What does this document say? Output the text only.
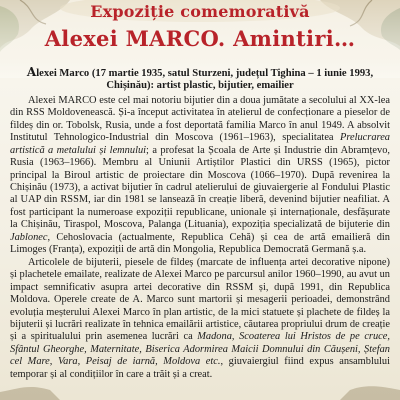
Expoziție comemorativă
Alexei MARCO. Amintiri…
Alexei Marco (17 martie 1935, satul Sturzeni, județul Tighina – 1 iunie 1993, Chișinău): artist plastic, bijutier, emailier

Alexei MARCO este cel mai notoriu bijutier din a doua jumătate a secolului al XX-lea din RSS Moldovenească. Și-a început activitatea în atelierul de confecționare a pieselor de fildeș din or. Tobolsk, Rusia, unde a fost deportată familia Marco în anul 1949. A absolvit Institutul Tehnologico-Industrial din Moscova (1961–1963), specialitatea Prelucrarea artistică a metalului și lemnului; a profesat la Școala de Arte și Industrie din Abramțevo, Rusia (1963–1966). Membru al Uniunii Artiștilor Plastici din URSS (1965), pictor principal la Biroul artistic de proiectare din Moscova (1066–1970). După revenirea la Chișinău (1973), a activat bijutier în cadrul atelierului de giuvaiergerie al Fondului Plastic al UAP din RSSM, iar din 1981 se lansează în creație liberă, devenind bijutier neafiliat. A fost participant la numeroase expoziții republicane, unionale și internaționale, desfășurate la Chișinău, Tiraspol, Moscova, Palanga (Lituania), expoziția specializată de bijuterie din Jablonec, Cehoslovacia (actualmente, Republica Cehă) și cea de artă emailieră din Limoges (Franța), expoziții de artă din Mongolia, Republica Democrată Germană ș.a.

Articolele de bijuterii, piesele de fildeș (marcate de influența artei decorative nipone) și plachetele emailate, realizate de Alexei Marco pe parcursul anilor 1960–1990, au avut un impact semnificativ asupra artei decorative din RSSM și, după 1991, din Republica Moldova. Operele create de A. Marco sunt martorii și mesagerii perioadei, demonstrând evoluția meșterului Alexei Marco în plan artistic, de la mici statuete și plachete de fildeș la bijuterii și lucrări realizate în tehnica emailării artistice, căutarea propriului drum de creație și a spiritualului prin asemenea lucrări ca Madona, Scoaterea lui Hristos de pe cruce, Sfântul Gheorghe, Maternitate, Biserica Adormirea Maicii Domnului din Căușeni, Ștefan cel Mare, Vara, Peisaj de iarnă, Moldova etc., giuvaiergiul fiind expus ansamblului temporar și al condițiilor în care a trăit și a creat.
